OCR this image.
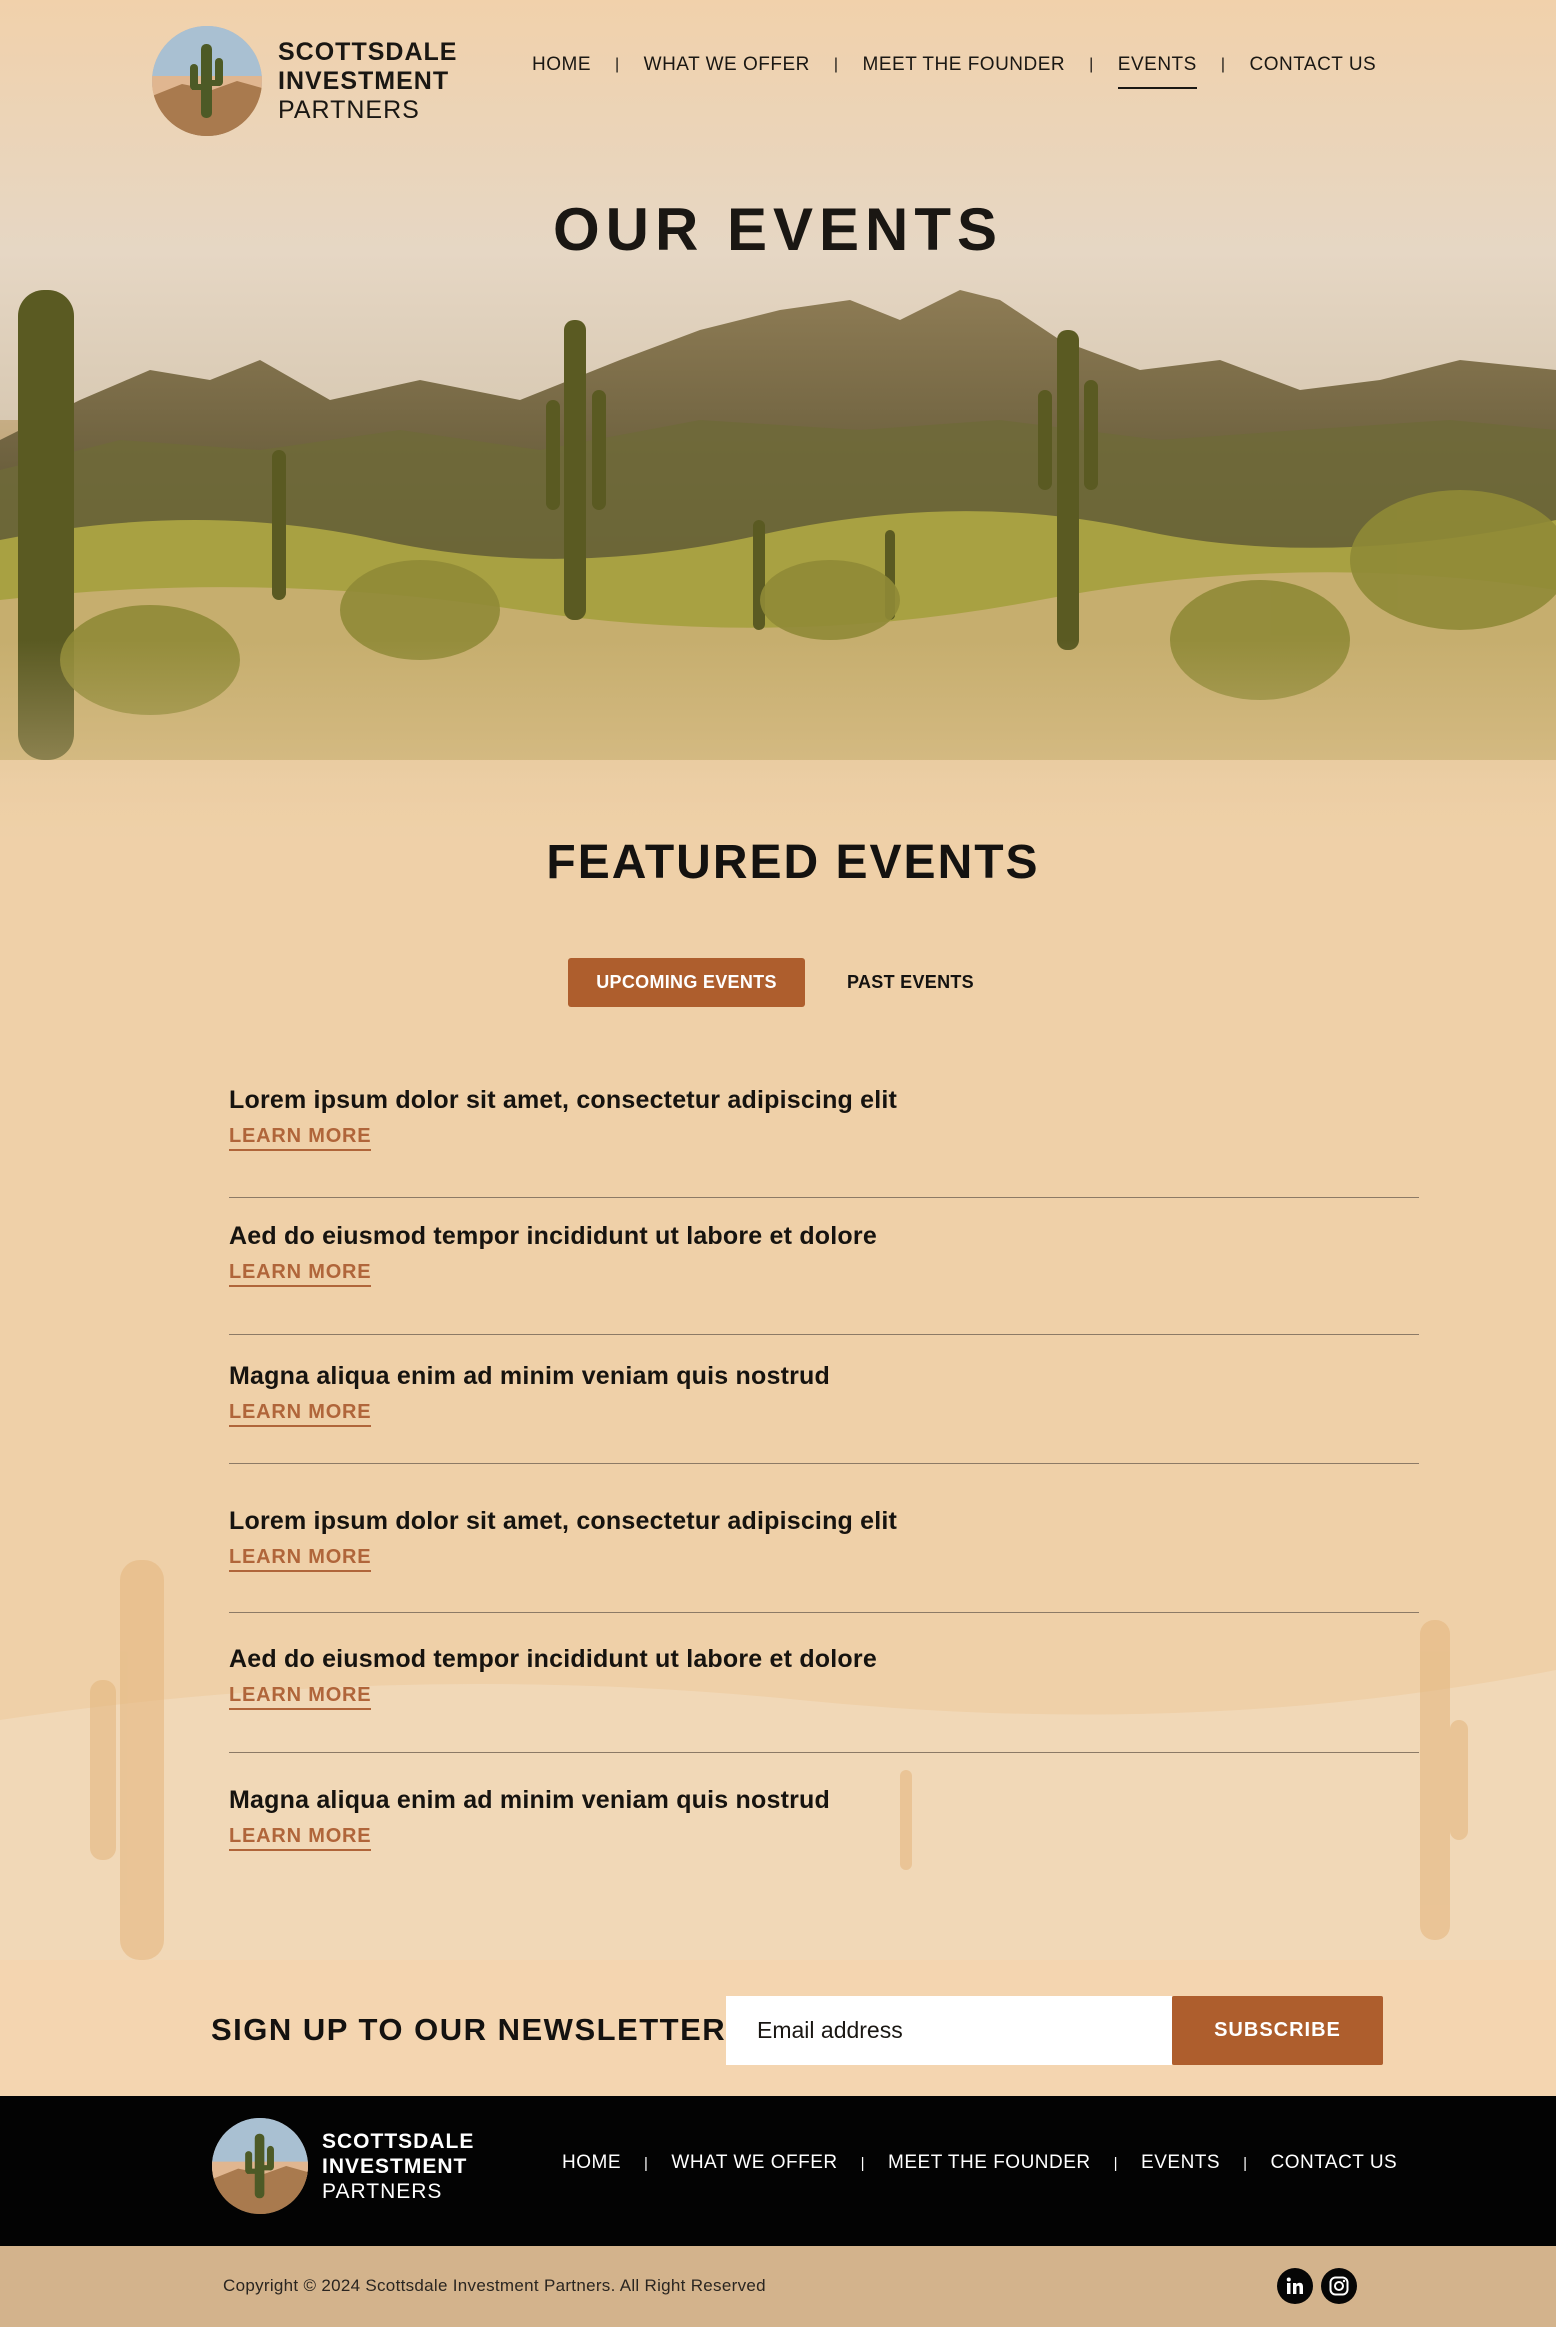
SCOTTSDALE
INVESTMENT
PARTNERS
HOME | WHAT WE OFFER | MEET THE FOUNDER | EVENTS | CONTACT US
OUR EVENTS
FEATURED EVENTS
UPCOMING EVENTS	PAST EVENTS
Lorem ipsum dolor sit amet, consectetur adipiscing elit
LEARN MORE
Aed do eiusmod tempor incididunt ut labore et dolore
LEARN MORE
Magna aliqua enim ad minim veniam quis nostrud
LEARN MORE
Lorem ipsum dolor sit amet, consectetur adipiscing elit
LEARN MORE
Aed do eiusmod tempor incididunt ut labore et dolore
LEARN MORE
Magna aliqua enim ad minim veniam quis nostrud
LEARN MORE
SIGN UP TO OUR NEWSLETTER	Email address	SUBSCRIBE
SCOTTSDALE
INVESTMENT
PARTNERS
HOME | WHAT WE OFFER | MEET THE FOUNDER | EVENTS | CONTACT US
Copyright © 2024 Scottsdale Investment Partners. All Right Reserved
